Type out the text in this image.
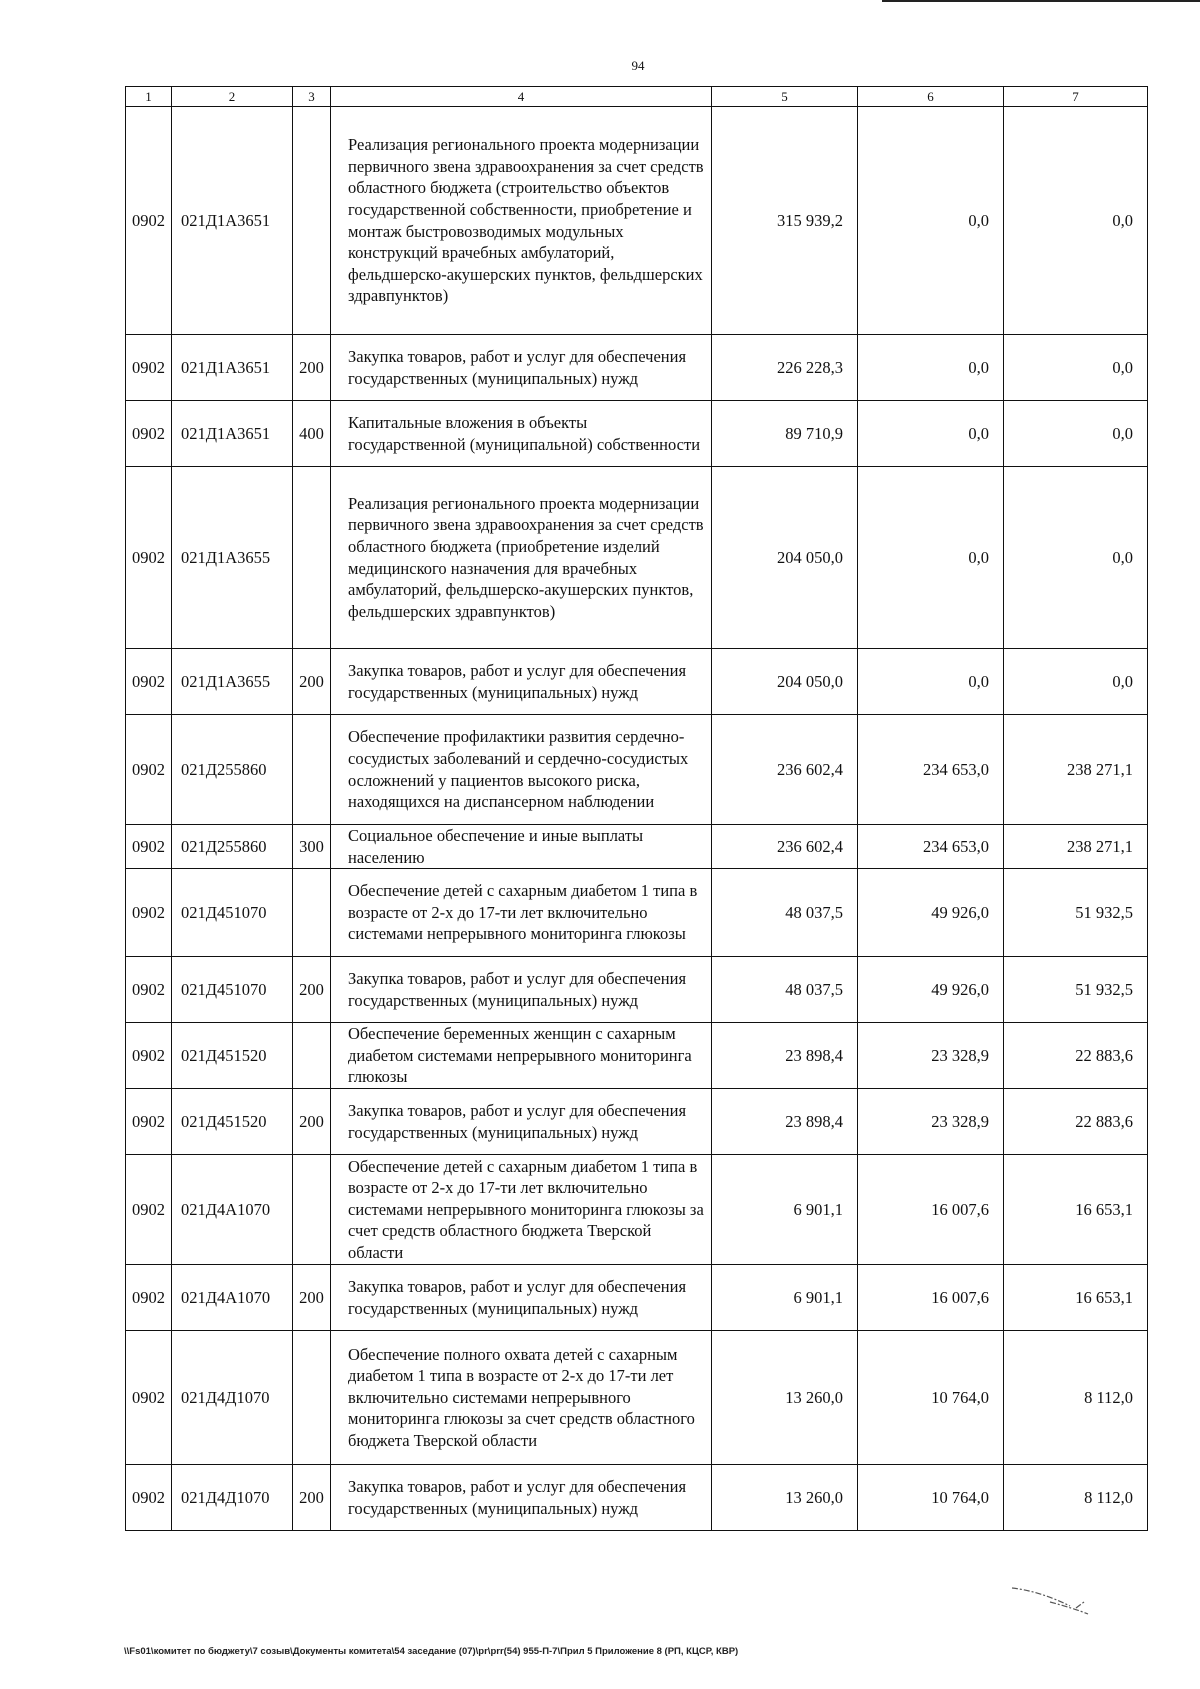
94
1	2	3	4	5	6	7
0902	021Д1А3651		Реализация регионального проекта модернизации первичного звена здравоохранения за счет средств областного бюджета (строительство объектов государственной собственности, приобретение и монтаж быстровозводимых модульных конструкций врачебных амбулаторий, фельдшерско-акушерских пунктов, фельдшерских здравпунктов)	315 939,2	0,0	0,0
0902	021Д1А3651	200	Закупка товаров, работ и услуг для обеспечения государственных (муниципальных) нужд	226 228,3	0,0	0,0
0902	021Д1А3651	400	Капитальные вложения в объекты государственной (муниципальной) собственности	89 710,9	0,0	0,0
0902	021Д1А3655		Реализация регионального проекта модернизации первичного звена здравоохранения за счет средств областного бюджета (приобретение изделий медицинского назначения для врачебных амбулаторий, фельдшерско-акушерских пунктов, фельдшерских здравпунктов)	204 050,0	0,0	0,0
0902	021Д1А3655	200	Закупка товаров, работ и услуг для обеспечения государственных (муниципальных) нужд	204 050,0	0,0	0,0
0902	021Д255860		Обеспечение профилактики развития сердечно-сосудистых заболеваний и сердечно-сосудистых осложнений у пациентов высокого риска, находящихся на диспансерном наблюдении	236 602,4	234 653,0	238 271,1
0902	021Д255860	300	Социальное обеспечение и иные выплаты населению	236 602,4	234 653,0	238 271,1
0902	021Д451070		Обеспечение детей с сахарным диабетом 1 типа в возрасте от 2-х до 17-ти лет включительно системами непрерывного мониторинга глюкозы	48 037,5	49 926,0	51 932,5
0902	021Д451070	200	Закупка товаров, работ и услуг для обеспечения государственных (муниципальных) нужд	48 037,5	49 926,0	51 932,5
0902	021Д451520		Обеспечение беременных женщин с сахарным диабетом системами непрерывного мониторинга глюкозы	23 898,4	23 328,9	22 883,6
0902	021Д451520	200	Закупка товаров, работ и услуг для обеспечения государственных (муниципальных) нужд	23 898,4	23 328,9	22 883,6
0902	021Д4А1070		Обеспечение детей с сахарным диабетом 1 типа в возрасте от 2-х до 17-ти лет включительно системами непрерывного мониторинга глюкозы за счет средств областного бюджета Тверской области	6 901,1	16 007,6	16 653,1
0902	021Д4А1070	200	Закупка товаров, работ и услуг для обеспечения государственных (муниципальных) нужд	6 901,1	16 007,6	16 653,1
0902	021Д4Д1070		Обеспечение полного охвата детей с сахарным диабетом 1 типа в возрасте от 2-х до 17-ти лет включительно системами непрерывного мониторинга глюкозы за счет средств областного бюджета Тверской области	13 260,0	10 764,0	8 112,0
0902	021Д4Д1070	200	Закупка товаров, работ и услуг для обеспечения государственных (муниципальных) нужд	13 260,0	10 764,0	8 112,0
\\Fs01\комитет по бюджету\7 созыв\Документы комитета\54 заседание (07)\pr\prr(54) 955-П-7\Прил 5 Приложение 8 (РП, КЦСР, КВР)
